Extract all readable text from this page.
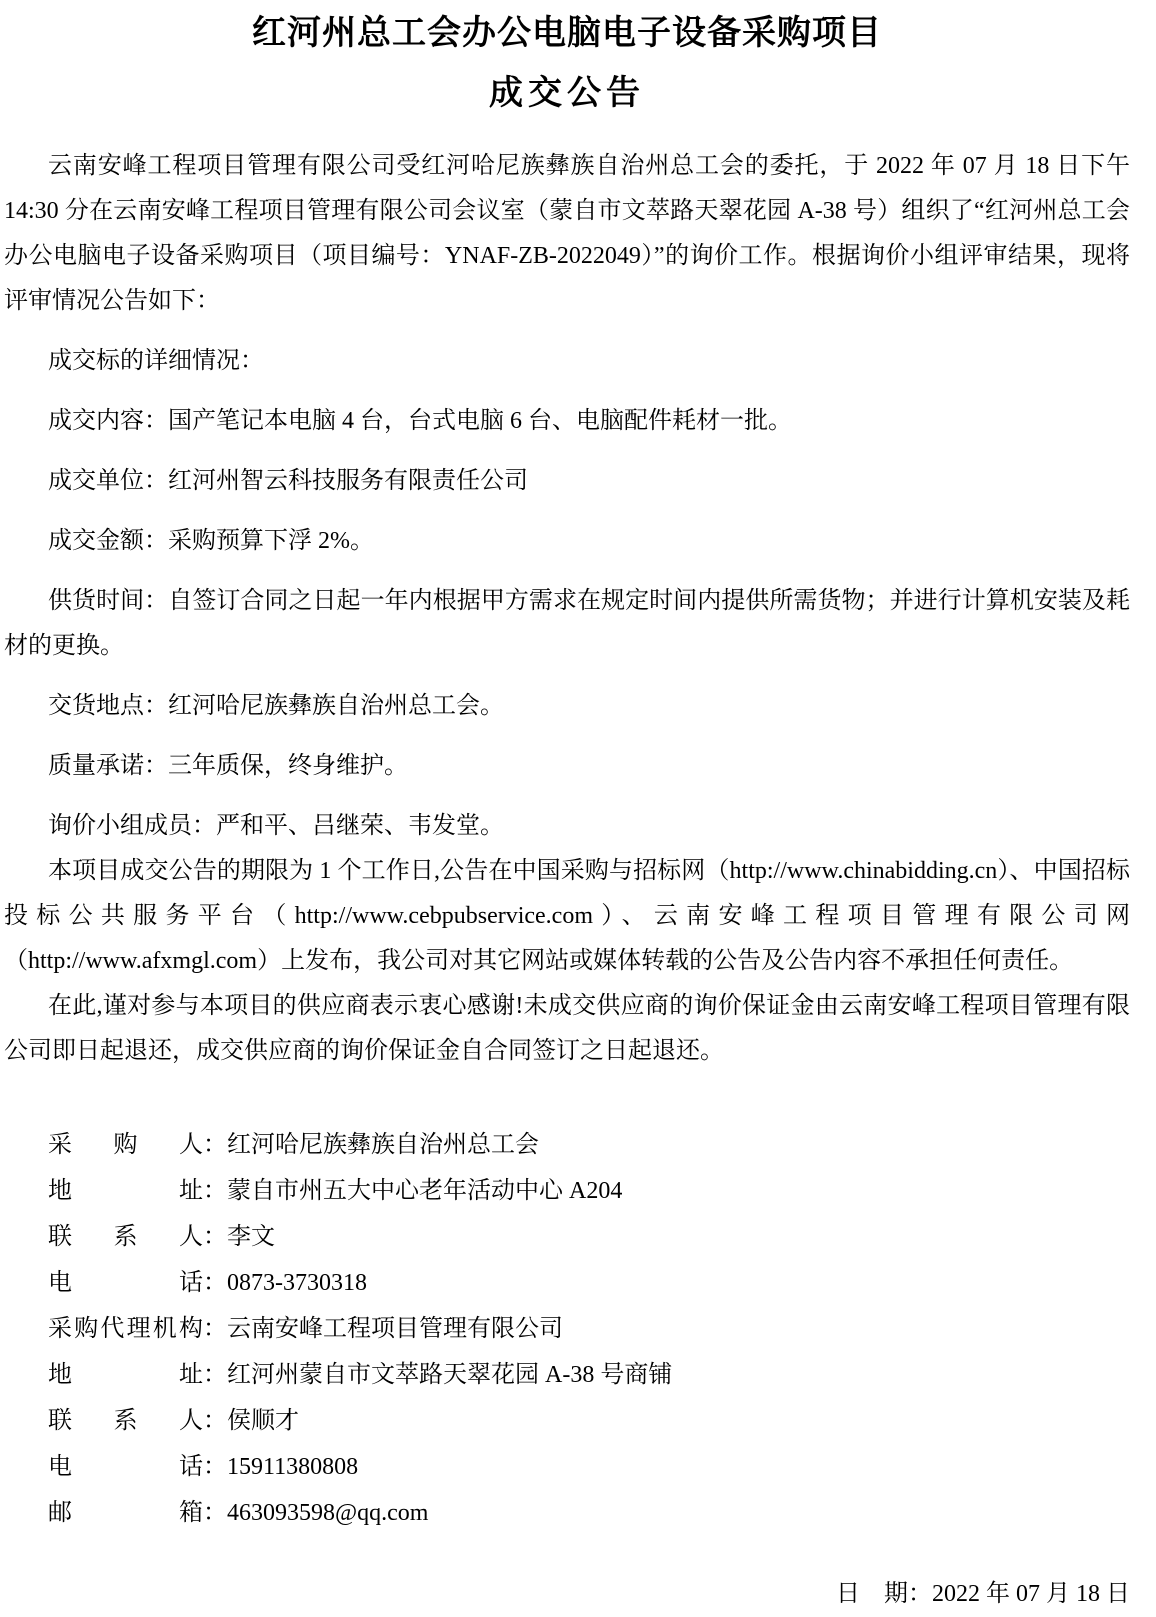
红河州总工会办公电脑电子设备采购项目
成交公告

云南安峰工程项目管理有限公司受红河哈尼族彝族自治州总工会的委托，于 2022 年 07 月 18 日下午 14:30 分在云南安峰工程项目管理有限公司会议室（蒙自市文萃路天翠花园 A-38 号）组织了“红河州总工会办公电脑电子设备采购项目（项目编号：YNAF-ZB-2022049）”的询价工作。根据询价小组评审结果，现将评审情况公告如下：

成交标的详细情况：

成交内容：国产笔记本电脑 4 台，台式电脑 6 台、电脑配件耗材一批。

成交单位：红河州智云科技服务有限责任公司

成交金额：采购预算下浮 2%。

供货时间：自签订合同之日起一年内根据甲方需求在规定时间内提供所需货物；并进行计算机安装及耗材的更换。

交货地点：红河哈尼族彝族自治州总工会。

质量承诺：三年质保，终身维护。

询价小组成员：严和平、吕继荣、韦发堂。

本项目成交公告的期限为 1 个工作日,公告在中国采购与招标网（http://www.chinabidding.cn）、中国招标投标公共服务平台（http://www.cebpubservice.com）、云南安峰工程项目管理有限公司网（http://www.afxmgl.com）上发布，我公司对其它网站或媒体转载的公告及公告内容不承担任何责任。

在此,谨对参与本项目的供应商表示衷心感谢!未成交供应商的询价保证金由云南安峰工程项目管理有限公司即日起退还，成交供应商的询价保证金自合同签订之日起退还。

采购人：红河哈尼族彝族自治州总工会
地址：蒙自市州五大中心老年活动中心 A204
联系人：李文
电话：0873-3730318
采购代理机构：云南安峰工程项目管理有限公司
地址：红河州蒙自市文萃路天翠花园 A-38 号商铺
联系人：侯顺才
电话：15911380808
邮箱：463093598@qq.com
日　期：2022 年 07 月 18 日
